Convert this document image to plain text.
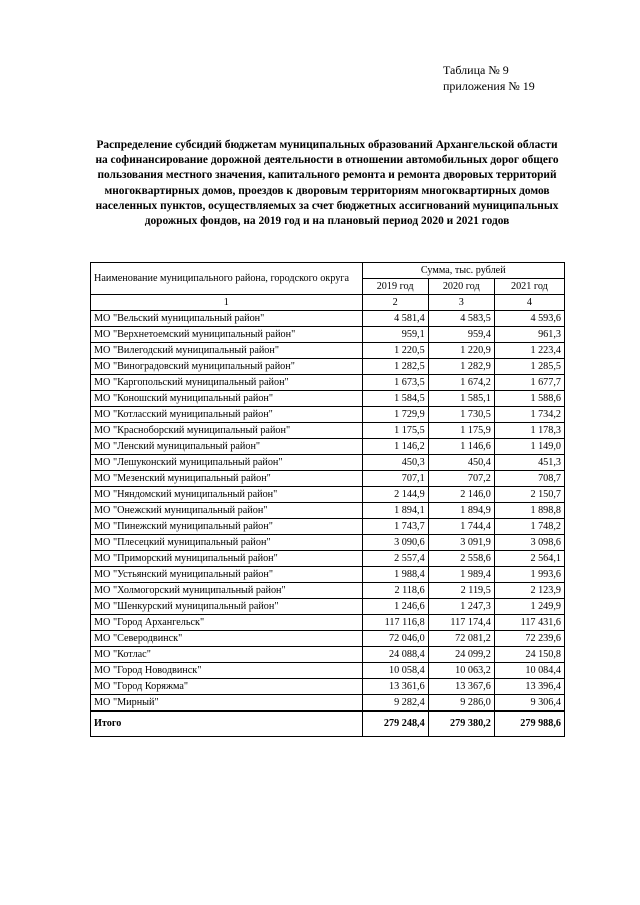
Таблица № 9
приложения № 19
Распределение субсидий бюджетам муниципальных образований Архангельской области на софинансирование дорожной деятельности в отношении автомобильных дорог общего пользования местного значения, капитального ремонта и ремонта дворовых территорий многоквартирных домов, проездов к дворовым территориям многоквартирных домов населенных пунктов, осуществляемых за счет бюджетных ассигнований муниципальных дорожных фондов, на 2019 год и на плановый период 2020 и 2021 годов
Наименование муниципального района, городского округа	Сумма, тыс. рублей		
	2019 год	2020 год	2021 год
1	2	3	4
МО "Вельский муниципальный район"	4 581,4	4 583,5	4 593,6
МО "Верхнетоемский муниципальный район"	959,1	959,4	961,3
МО "Вилегодский муниципальный район"	1 220,5	1 220,9	1 223,4
МО "Виноградовский муниципальный район"	1 282,5	1 282,9	1 285,5
МО "Каргопольский муниципальный район"	1 673,5	1 674,2	1 677,7
МО "Коношский муниципальный район"	1 584,5	1 585,1	1 588,6
МО "Котласский муниципальный район"	1 729,9	1 730,5	1 734,2
МО "Красноборский муниципальный район"	1 175,5	1 175,9	1 178,3
МО "Ленский муниципальный район"	1 146,2	1 146,6	1 149,0
МО "Лешуконский муниципальный район"	450,3	450,4	451,3
МО "Мезенский муниципальный район"	707,1	707,2	708,7
МО "Няндомский муниципальный район"	2 144,9	2 146,0	2 150,7
МО "Онежский муниципальный район"	1 894,1	1 894,9	1 898,8
МО "Пинежский муниципальный район"	1 743,7	1 744,4	1 748,2
МО "Плесецкий муниципальный район"	3 090,6	3 091,9	3 098,6
МО "Приморский муниципальный район"	2 557,4	2 558,6	2 564,1
МО "Устьянский муниципальный район"	1 988,4	1 989,4	1 993,6
МО "Холмогорский муниципальный район"	2 118,6	2 119,5	2 123,9
МО "Шенкурский муниципальный район"	1 246,6	1 247,3	1 249,9
МО "Город Архангельск"	117 116,8	117 174,4	117 431,6
МО "Северодвинск"	72 046,0	72 081,2	72 239,6
МО "Котлас"	24 088,4	24 099,2	24 150,8
МО "Город Новодвинск"	10 058,4	10 063,2	10 084,4
МО "Город Коряжма"	13 361,6	13 367,6	13 396,4
МО "Мирный"	9 282,4	9 286,0	9 306,4
Итого	279 248,4	279 380,2	279 988,6
